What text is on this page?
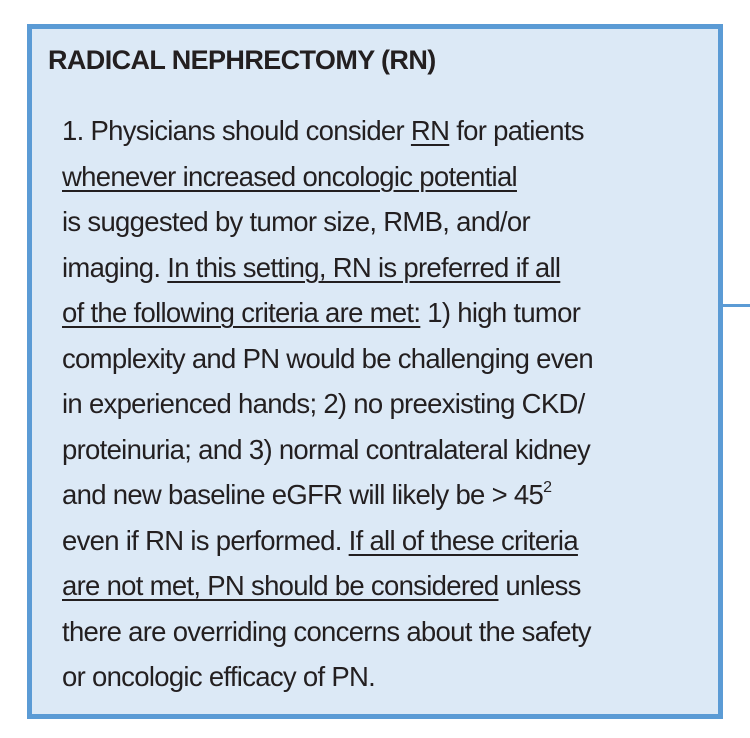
RADICAL NEPHRECTOMY (RN)
1. Physicians should consider RN for patients
whenever increased oncologic potential
is suggested by tumor size, RMB, and/or
imaging. In this setting, RN is preferred if all
of the following criteria are met: 1) high tumor
complexity and PN would be challenging even
in experienced hands; 2) no preexisting CKD/
proteinuria; and 3) normal contralateral kidney
and new baseline eGFR will likely be > $45^2$
even if RN is performed. If all of these criteria
are not met, PN should be considered unless
there are overriding concerns about the safety
or oncologic efficacy of PN.
